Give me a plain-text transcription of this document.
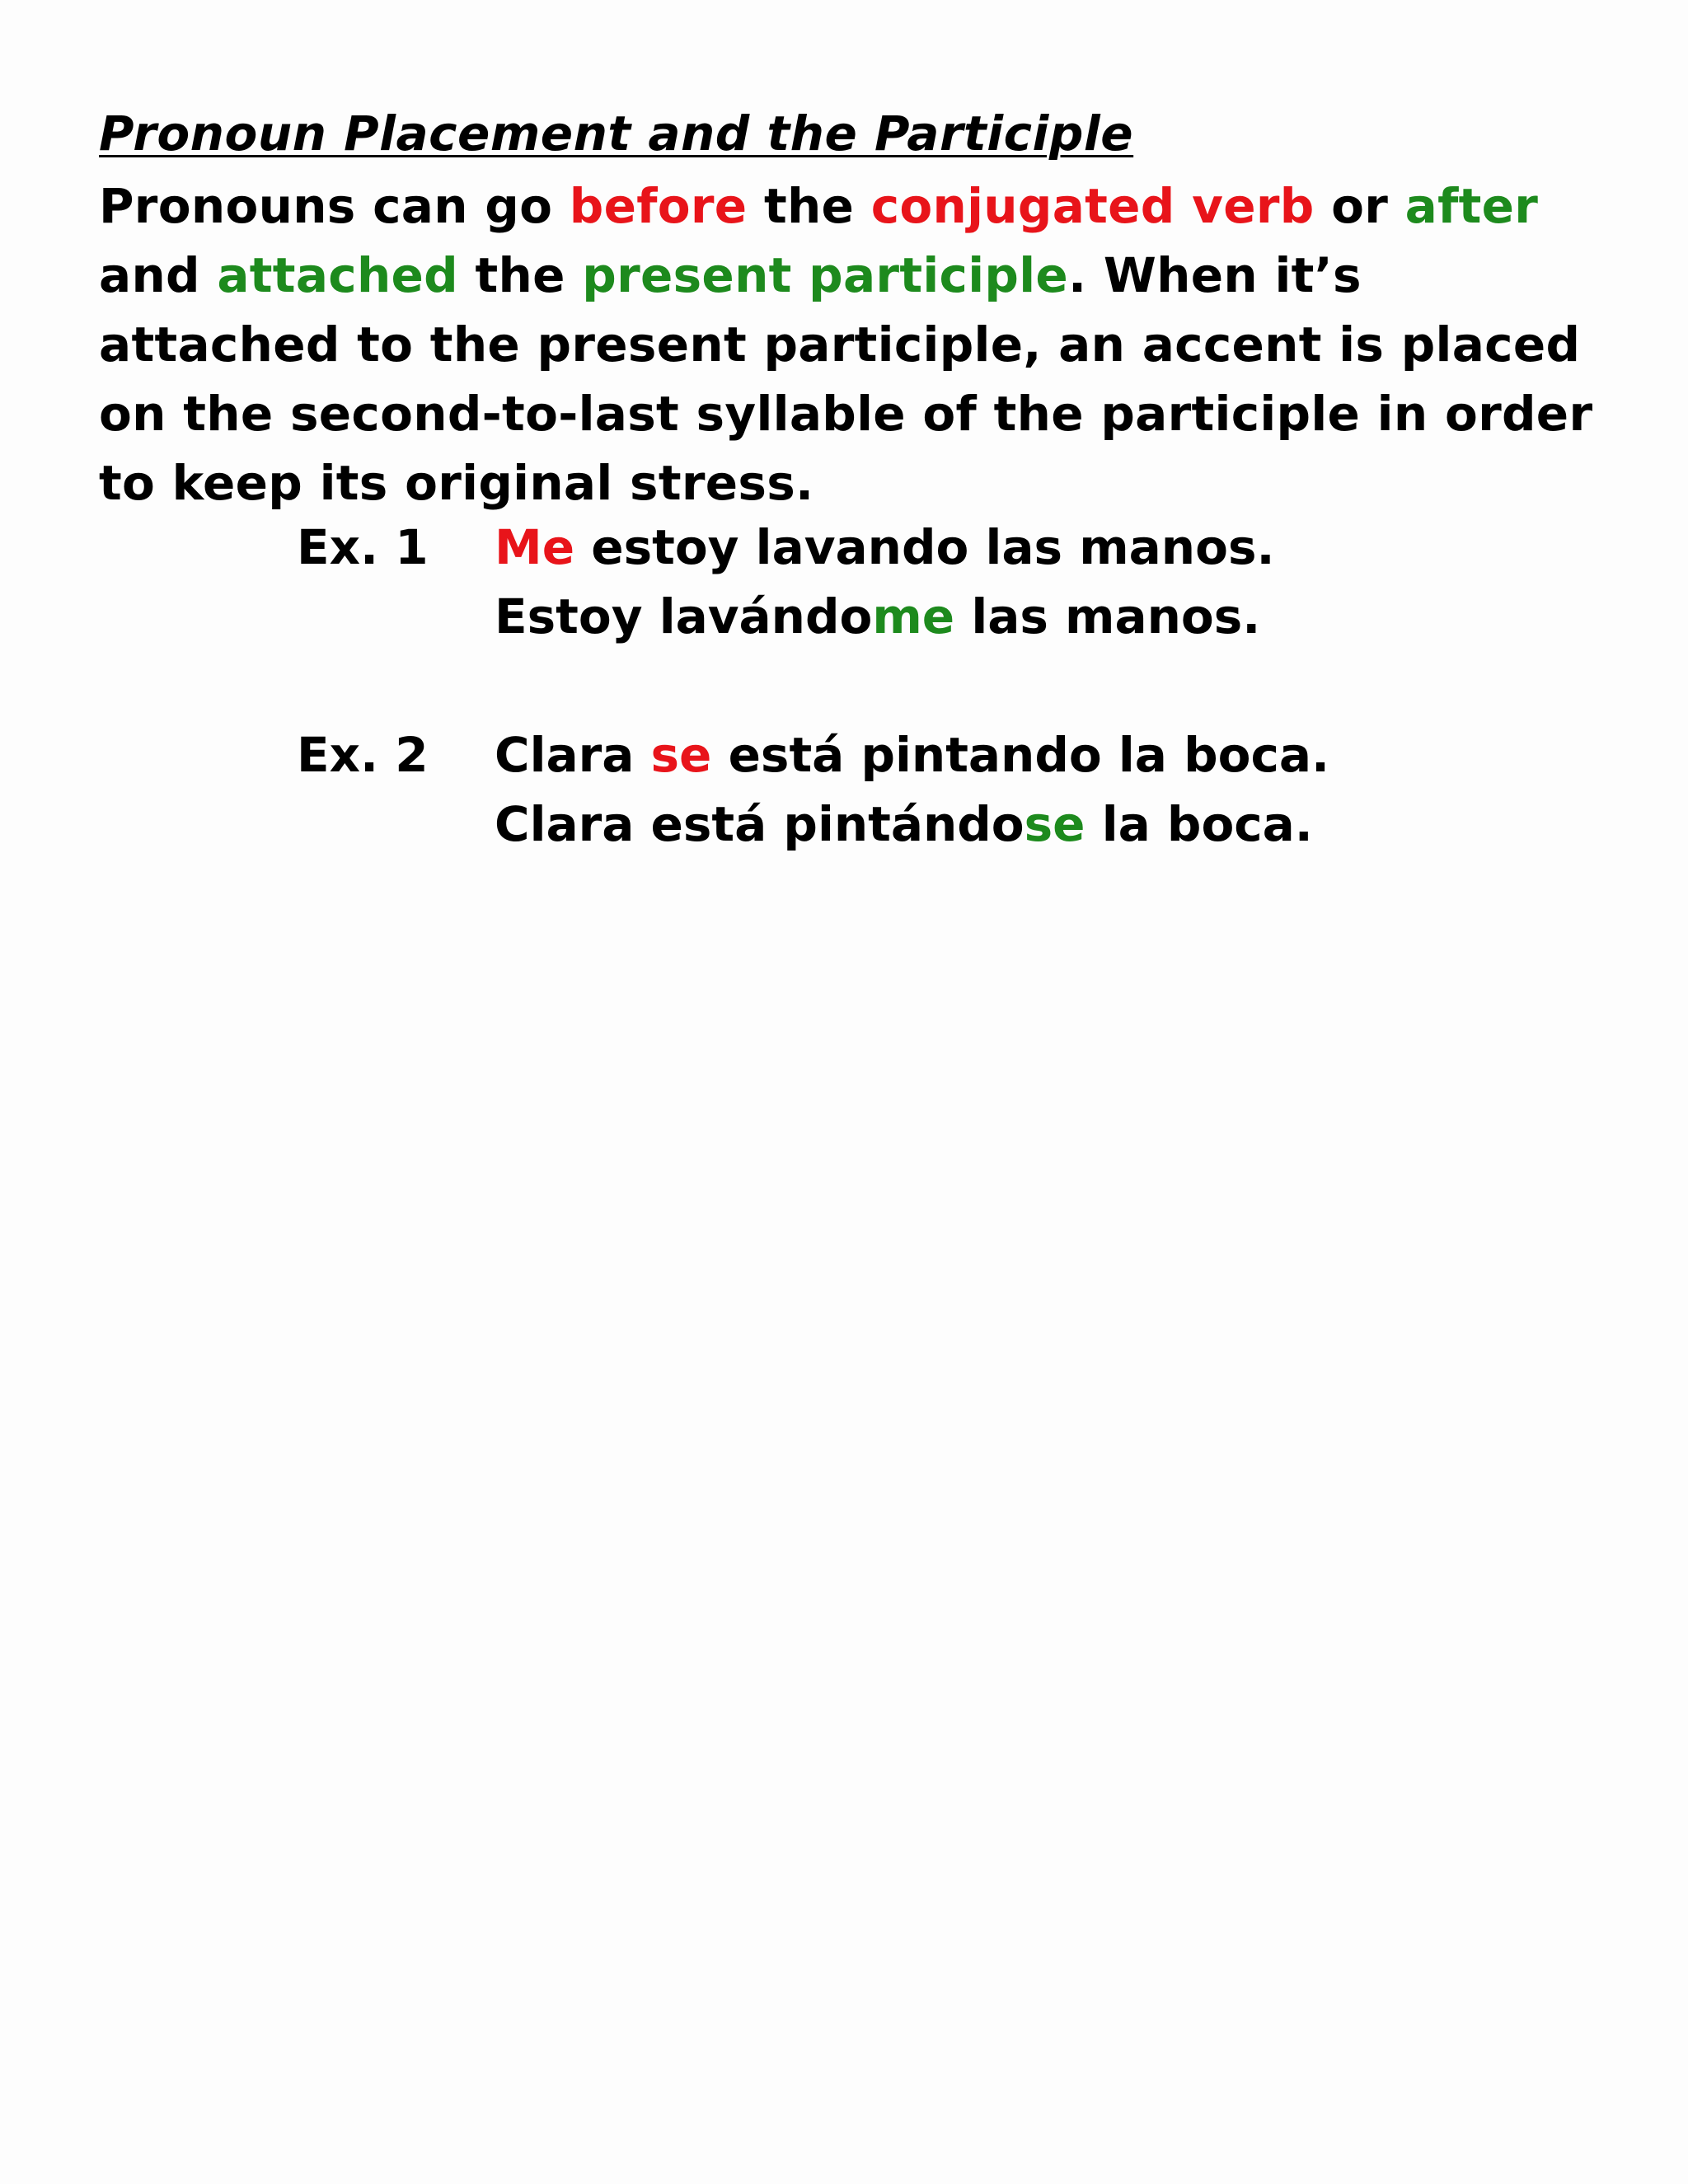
Pronoun Placement and the Participle

Pronouns can go before the conjugated verb or after and attached the present participle. When it’s attached to the present participle, an accent is placed on the second-to-last syllable of the participle in order to keep its original stress.

Ex. 1 Me estoy lavando las manos.

Estoy lavándome las manos.

Ex. 2 Clara se está pintando la boca.

Clara está pintándose la boca.
